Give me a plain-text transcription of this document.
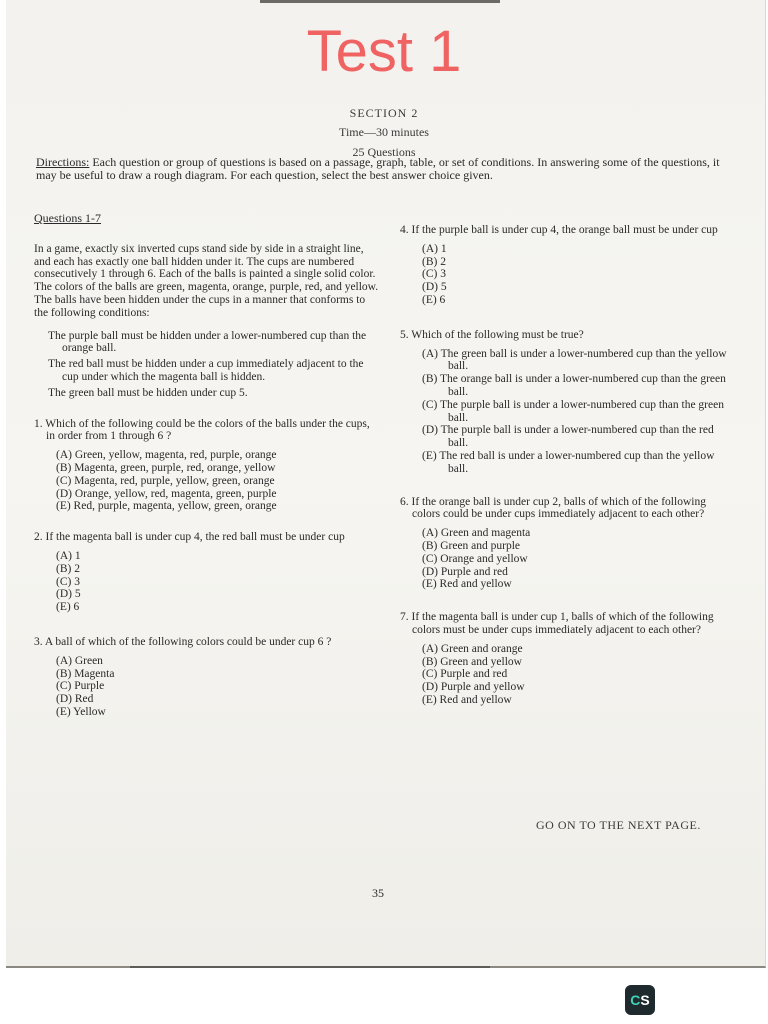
Test 1
SECTION 2
Time—30 minutes
25 Questions
Directions: Each question or group of questions is based on a passage, graph, table, or set of conditions. In answering some of the questions, it may be useful to draw a rough diagram. For each question, select the best answer choice given.
Questions 1-7
In a game, exactly six inverted cups stand side by side in a straight line, and each has exactly one ball hidden under it. The cups are numbered consecutively 1 through 6. Each of the balls is painted a single solid color. The colors of the balls are green, magenta, orange, purple, red, and yellow. The balls have been hidden under the cups in a manner that conforms to the following conditions:

The purple ball must be hidden under a lower-numbered cup than the orange ball.

The red ball must be hidden under a cup immediately adjacent to the cup under which the magenta ball is hidden.

The green ball must be hidden under cup 5.

1. Which of the following could be the colors of the balls under the cups, in order from 1 through 6 ?
(A) Green, yellow, magenta, red, purple, orange
(B) Magenta, green, purple, red, orange, yellow
(C) Magenta, red, purple, yellow, green, orange
(D) Orange, yellow, red, magenta, green, purple
(E) Red, purple, magenta, yellow, green, orange
2. If the magenta ball is under cup 4, the red ball must be under cup
(A) 1
(B) 2
(C) 3
(D) 5
(E) 6
3. A ball of which of the following colors could be under cup 6 ?
(A) Green
(B) Magenta
(C) Purple
(D) Red
(E) Yellow
4. If the purple ball is under cup 4, the orange ball must be under cup
(A) 1
(B) 2
(C) 3
(D) 5
(E) 6
5. Which of the following must be true?
(A) The green ball is under a lower-numbered cup than the yellow ball.
(B) The orange ball is under a lower-numbered cup than the green ball.
(C) The purple ball is under a lower-numbered cup than the green ball.
(D) The purple ball is under a lower-numbered cup than the red ball.
(E) The red ball is under a lower-numbered cup than the yellow ball.
6. If the orange ball is under cup 2, balls of which of the following colors could be under cups immediately adjacent to each other?
(A) Green and magenta
(B) Green and purple
(C) Orange and yellow
(D) Purple and red
(E) Red and yellow
7. If the magenta ball is under cup 1, balls of which of the following colors must be under cups immediately adjacent to each other?
(A) Green and orange
(B) Green and yellow
(C) Purple and red
(D) Purple and yellow
(E) Red and yellow
GO ON TO THE NEXT PAGE.
35
CS
